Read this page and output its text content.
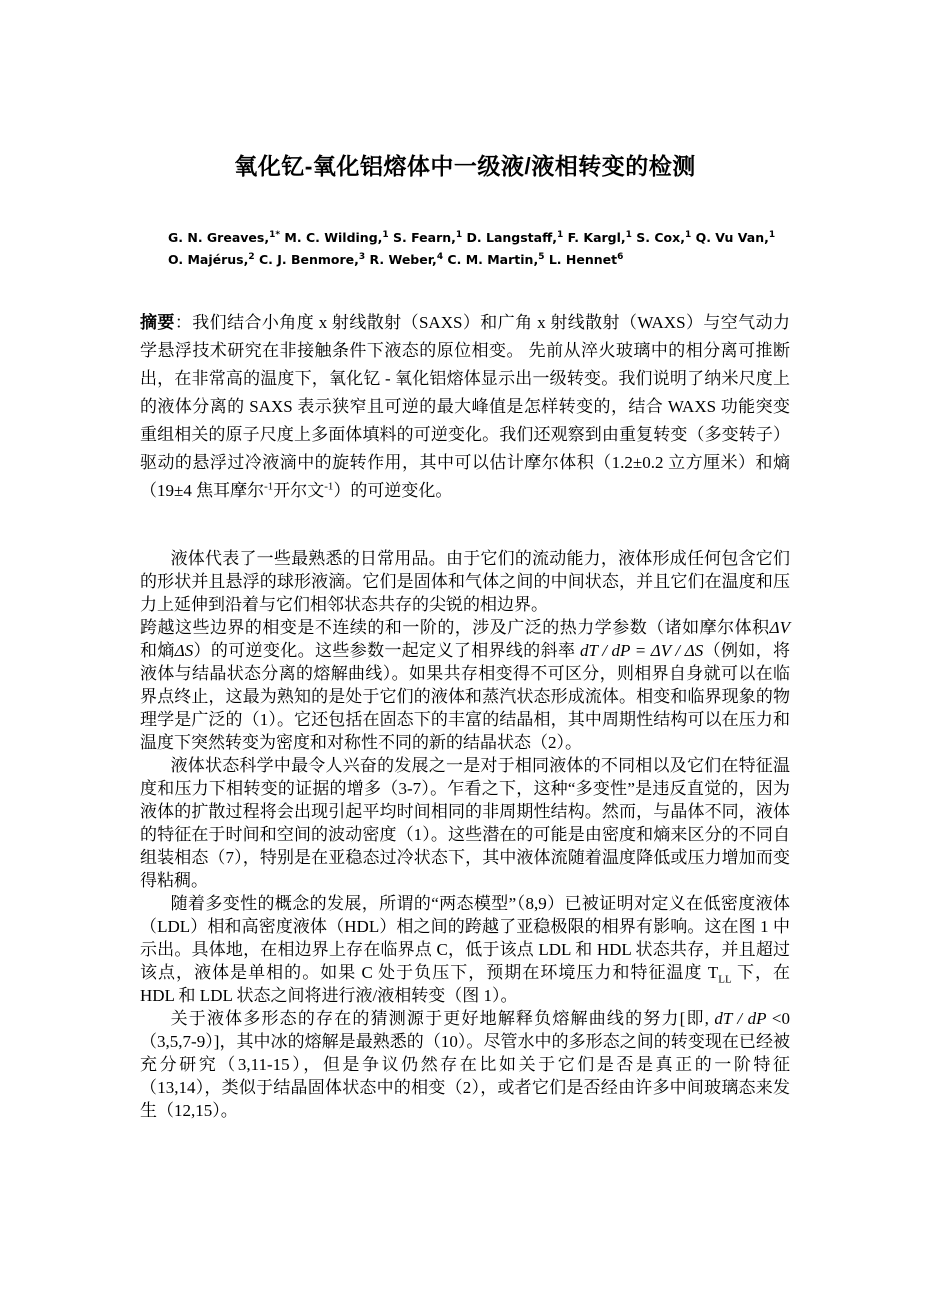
氧化钇-氧化铝熔体中一级液/液相转变的检测

G. N. Greaves,$^{1*}$ M. C. Wilding,$^1$ S. Fearn,$^1$ D. Langstaff,$^1$ F. Kargl,$^1$ S. Cox,$^1$ Q. Vu Van,$^1$

O. Majérus,$^2$ C. J. Benmore,$^3$ R. Weber,$^4$ C. M. Martin,$^5$ L. Hennet$^6$

摘要：我们结合小角度 x 射线散射（SAXS）和广角 x 射线散射（WAXS）与空气动力学悬浮技术研究在非接触条件下液态的原位相变。 先前从淬火玻璃中的相分离可推断出，在非常高的温度下，氧化钇 - 氧化铝熔体显示出一级转变。我们说明了纳米尺度上的液体分离的 SAXS 表示狭窄且可逆的最大峰值是怎样转变的，结合 WAXS 功能突变重组相关的原子尺度上多面体填料的可逆变化。我们还观察到由重复转变（多变转子）驱动的悬浮过冷液滴中的旋转作用，其中可以估计摩尔体积（1.2±0.2 立方厘米）和熵（19±4 焦耳摩尔$^{-1}$开尔文$^{-1}$）的可逆变化。

液体代表了一些最熟悉的日常用品。由于它们的流动能力，液体形成任何包含它们的形状并且悬浮的球形液滴。它们是固体和气体之间的中间状态，并且它们在温度和压力上延伸到沿着与它们相邻状态共存的尖锐的相边界。

跨越这些边界的相变是不连续的和一阶的，涉及广泛的热力学参数（诸如摩尔体积ΔV 和熵ΔS）的可逆变化。这些参数一起定义了相界线的斜率 dT / dP = ΔV / ΔS（例如，将液体与结晶状态分离的熔解曲线）。如果共存相变得不可区分，则相界自身就可以在临界点终止，这最为熟知的是处于它们的液体和蒸汽状态形成流体。相变和临界现象的物理学是广泛的（1）。它还包括在固态下的丰富的结晶相，其中周期性结构可以在压力和温度下突然转变为密度和对称性不同的新的结晶状态（2）。

液体状态科学中最令人兴奋的发展之一是对于相同液体的不同相以及它们在特征温度和压力下相转变的证据的增多（3-7）。乍看之下，这种“多变性”是违反直觉的，因为液体的扩散过程将会出现引起平均时间相同的非周期性结构。然而，与晶体不同，液体的特征在于时间和空间的波动密度（1）。这些潜在的可能是由密度和熵来区分的不同自组装相态（7），特别是在亚稳态过冷状态下，其中液体流随着温度降低或压力增加而变得粘稠。

随着多变性的概念的发展，所谓的“两态模型”（8,9）已被证明对定义在低密度液体（LDL）相和高密度液体（HDL）相之间的跨越了亚稳极限的相界有影响。这在图 1 中示出。具体地，在相边界上存在临界点 C，低于该点 LDL 和 HDL 状态共存，并且超过该点，液体是单相的。如果 C 处于负压下，预期在环境压力和特征温度 $T_{LL}$ 下，在 HDL 和 LDL 状态之间将进行液/液相转变（图 1）。

关于液体多形态的存在的猜测源于更好地解释负熔解曲线的努力[即, dT / dP <0（3,5,7-9）]，其中冰的熔解是最熟悉的（10）。尽管水中的多形态之间的转变现在已经被充分研究（3,11-15），但是争议仍然存在比如关于它们是否是真正的一阶特征（13,14），类似于结晶固体状态中的相变（2），或者它们是否经由许多中间玻璃态来发生（12,15）。
